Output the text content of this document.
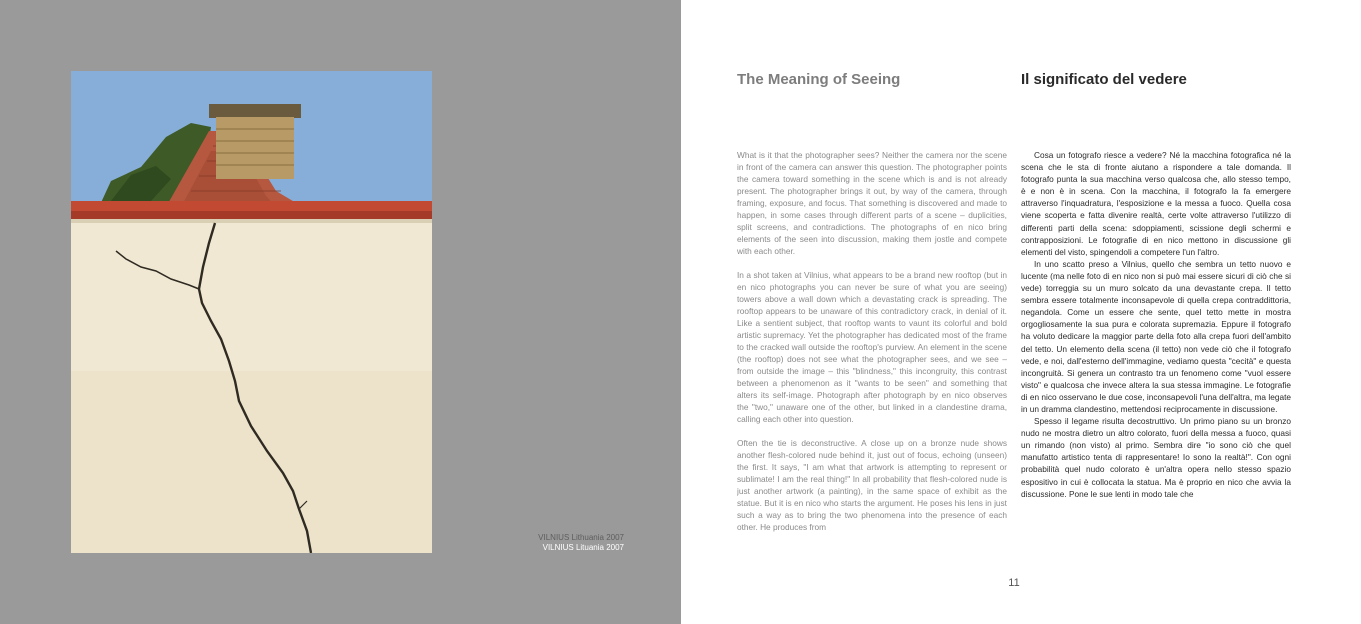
VILNIUS Lithuania 2007
VILNIUS Lituania 2007
The Meaning of Seeing	Il significato del vedere

What is it that the photographer sees? Neither the camera nor the scene in front of the camera can answer this question. The photographer points the camera toward something in the scene which is and is not already present. The photographer brings it out, by way of the camera, through framing, exposure, and focus. That something is discovered and made to happen, in some cases through different parts of a scene – duplicities, split screens, and contradictions. The photographs of en nico bring elements of the seen into discussion, making them jostle and compete with each other.

In a shot taken at Vilnius, what appears to be a brand new rooftop (but in en nico photographs you can never be sure of what you are seeing) towers above a wall down which a devastating crack is spreading. The rooftop appears to be unaware of this contradictory crack, in denial of it. Like a sentient subject, that rooftop wants to vaunt its colorful and bold artistic supremacy. Yet the photographer has dedicated most of the frame to the cracked wall outside the rooftop's purview. An element in the scene (the rooftop) does not see what the photographer sees, and we see – from outside the image – this "blindness," this incongruity, this contrast between a phenomenon as it "wants to be seen" and something that alters its self-image. Photograph after photograph by en nico observes the "two," unaware one of the other, but linked in a clandestine drama, calling each other into question.

Often the tie is deconstructive. A close up on a bronze nude shows another flesh-colored nude behind it, just out of focus, echoing (unseen) the first. It says, "I am what that artwork is attempting to represent or sublimate! I am the real thing!" In all probability that flesh-colored nude is just another artwork (a painting), in the same space of exhibit as the statue. But it is en nico who starts the argument. He poses his lens in just such a way as to bring the two phenomena into the presence of each other. He produces from

Cosa un fotografo riesce a vedere? Né la macchina fotografica né la scena che le sta di fronte aiutano a rispondere a tale domanda. Il fotografo punta la sua macchina verso qualcosa che, allo stesso tempo, è e non è in scena. Con la macchina, il fotografo la fa emergere attraverso l'inquadratura, l'esposizione e la messa a fuoco. Quella cosa viene scoperta e fatta divenire realtà, certe volte attraverso l'utilizzo di differenti parti della scena: sdoppiamenti, scissione degli schermi e contrapposizioni. Le fotografie di en nico mettono in discussione gli elementi del visto, spingendoli a competere l'un l'altro.

In uno scatto preso a Vilnius, quello che sembra un tetto nuovo e lucente (ma nelle foto di en nico non si può mai essere sicuri di ciò che si vede) torreggia su un muro solcato da una devastante crepa. Il tetto sembra essere totalmente inconsapevole di quella crepa contraddittoria, negandola. Come un essere che sente, quel tetto mette in mostra orgogliosamente la sua pura e colorata supremazia. Eppure il fotografo ha voluto dedicare la maggior parte della foto alla crepa fuori dell'ambito del tetto. Un elemento della scena (il tetto) non vede ciò che il fotografo vede, e noi, dall'esterno dell'immagine, vediamo questa "cecità" e questa incongruità. Si genera un contrasto tra un fenomeno come "vuol essere visto" e qualcosa che invece altera la sua stessa immagine. Le fotografie di en nico osservano le due cose, inconsapevoli l'una dell'altra, ma legate in un dramma clandestino, mettendosi reciprocamente in discussione.

Spesso il legame risulta decostruttivo. Un primo piano su un bronzo nudo ne mostra dietro un altro colorato, fuori della messa a fuoco, quasi un rimando (non visto) al primo. Sembra dire "io sono ciò che quel manufatto artistico tenta di rappresentare! Io sono la realtà!". Con ogni probabilità quel nudo colorato è un'altra opera nello stesso spazio espositivo in cui è collocata la statua. Ma è proprio en nico che avvia la discussione. Pone le sue lenti in modo tale che

11
